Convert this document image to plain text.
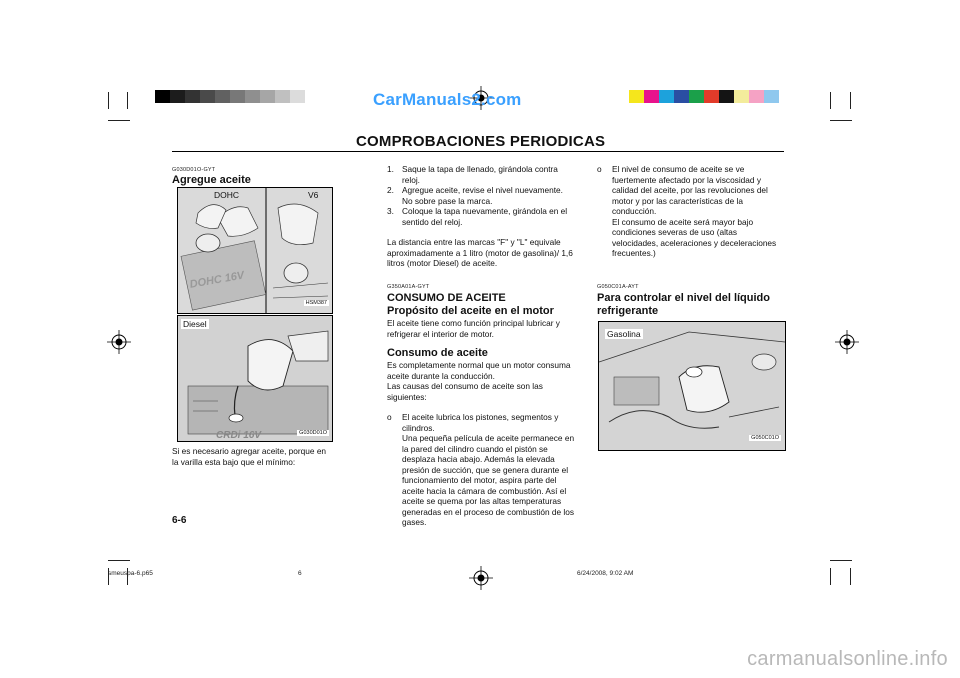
CarManuals2.com
COMPROBACIONES PERIODICAS
G030D01O-GYT
Agregue aceite
DOHC 16V
DOHC	V6
HSM387
CRDi 16V
Diesel
G030D01O
Si es necesario agregar aceite, porque en la varilla esta bajo que el mínimo:
6-6
1. Saque la tapa de llenado, girándola contra reloj.
2. Agregue aceite, revise el nivel nuevamente. No sobre pase la marca.
3. Coloque la tapa nuevamente, girándola en el sentido del reloj.
La distancia entre las marcas "F" y "L" equivale aproximadamente a 1 litro (motor de gasolina)/ 1,6 litros (motor Diesel) de aceite.
G350A01A-GYT
CONSUMO DE ACEITE
Propósito del aceite en el motor
El aceite tiene como función principal lubricar y refrigerar el interior de motor.
Consumo de aceite
Es completamente normal que un motor consuma aceite durante la conducción.
Las causas del consumo de aceite son las siguientes:
o El aceite lubrica los pistones, segmentos y cilindros.
Una pequeña película de aceite permanece en la pared del cilindro cuando el pistón se desplaza hacia abajo. Además la elevada presión de succión, que se genera durante el funcionamiento del motor, aspira parte del aceite hacia la cámara de combustión. Así el aceite se quema por las altas temperaturas generadas en el proceso de combustión de los gases.
o El nivel de consumo de aceite se ve fuertemente afectado por la viscosidad y calidad del aceite, por las revoluciones del motor y por las características de la conducción.
El consumo de aceite será mayor bajo condiciones severas de uso (altas velocidades, aceleraciones y deceleraciones frecuentes.)
G050C01A-AYT
Para controlar el nivel del líquido refrigerante
Gasolina
G050C01O
smeuspa-6.p65	6	6/24/2008, 9:02 AM
carmanualsonline.info
